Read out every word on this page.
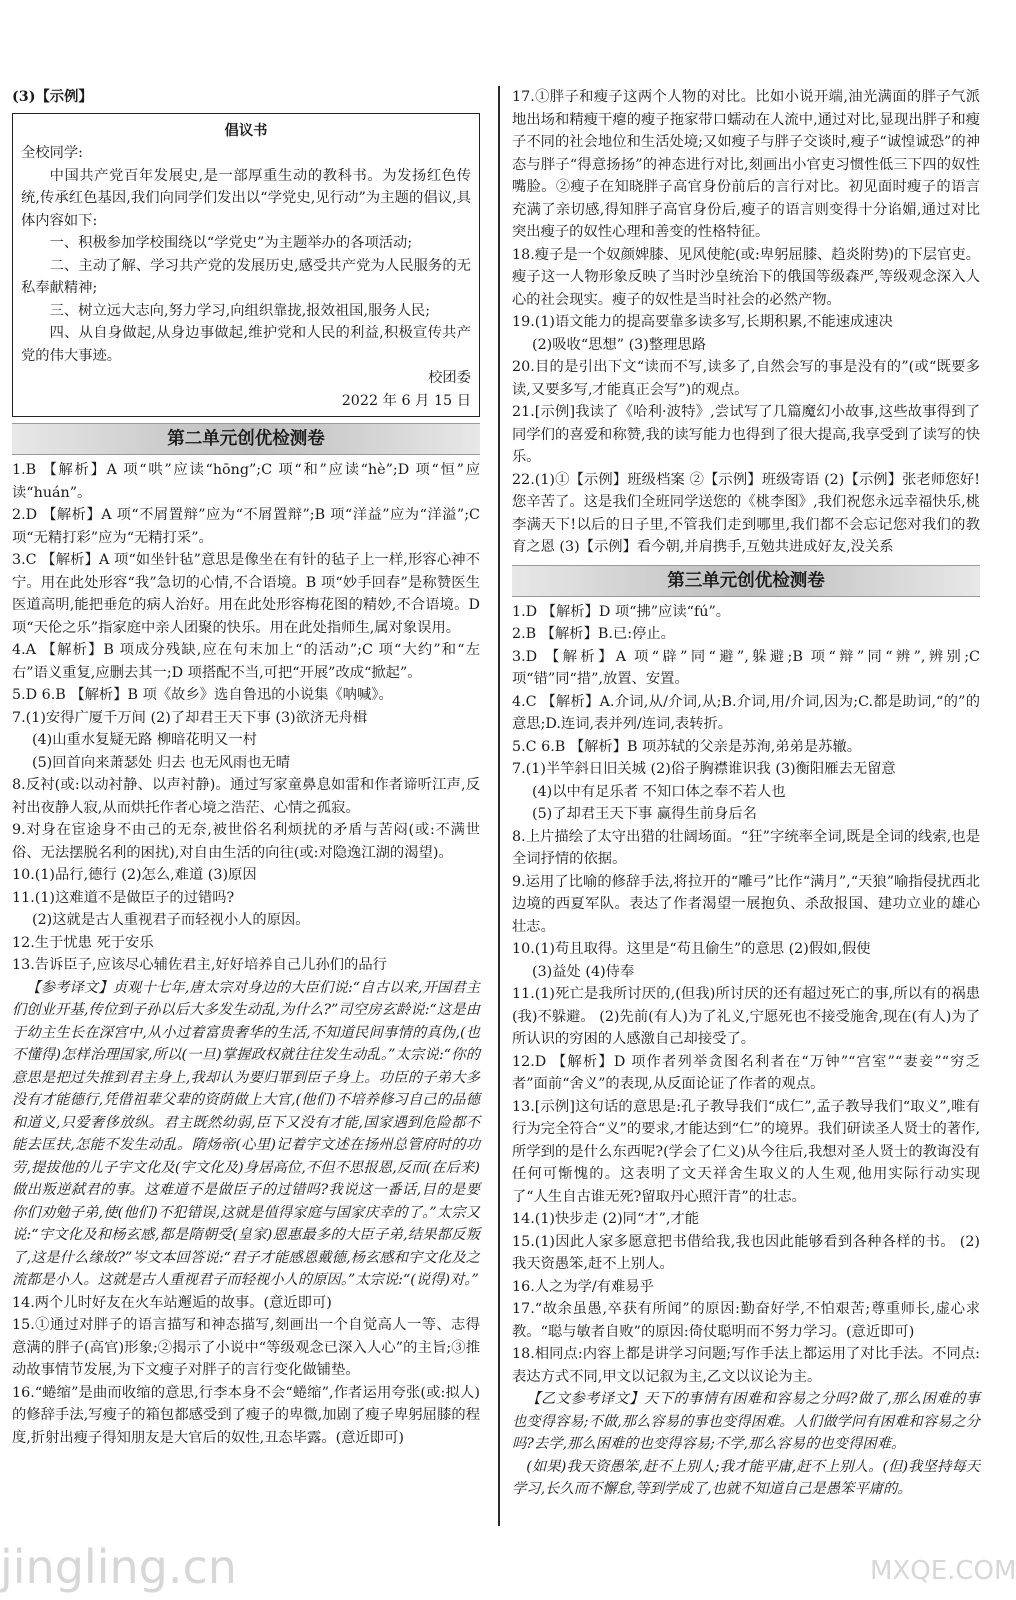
(3)【示例】

倡议书

全校同学:

中国共产党百年发展史,是一部厚重生动的教科书。为发扬红色传统,传承红色基因,我们向同学们发出以“学党史,见行动”为主题的倡议,具体内容如下:

一、积极参加学校围绕以“学党史”为主题举办的各项活动;

二、主动了解、学习共产党的发展历史,感受共产党为人民服务的无私奉献精神;

三、树立远大志向,努力学习,向组织靠拢,报效祖国,服务人民;

四、从自身做起,从身边事做起,维护党和人民的利益,积极宣传共产党的伟大事迹。

校团委

2022 年 6 月 15 日

第二单元创优检测卷

1.B 【解析】A 项“哄”应读“hōng”;C 项“和”应读“hè”;D 项“恒”应读“huán”。

2.D 【解析】A 项“不屑置辩”应为“不屑置辩”;B 项“洋益”应为“洋溢”;C 项“无精打彩”应为“无精打采”。

3.C 【解析】A 项“如坐针毡”意思是像坐在有针的毡子上一样,形容心神不宁。用在此处形容“我”急切的心情,不合语境。B 项“妙手回春”是称赞医生医道高明,能把垂危的病人治好。用在此处形容梅花图的精妙,不合语境。D 项“天伦之乐”指家庭中亲人团聚的快乐。用在此处指师生,属对象误用。

4.A 【解析】B 项成分残缺,应在句末加上“的活动”;C 项“大约”和“左右”语义重复,应删去其一;D 项搭配不当,可把“开展”改成“掀起”。

5.D 6.B 【解析】B 项《故乡》选自鲁迅的小说集《呐喊》。

7.(1)安得广厦千万间 (2)了却君王天下事 (3)欲济无舟楫

(4)山重水复疑无路 柳暗花明又一村

(5)回首向来萧瑟处 归去 也无风雨也无晴

8.反衬(或:以动衬静、以声衬静)。通过写家童鼻息如雷和作者谛听江声,反衬出夜静人寂,从而烘托作者心境之浩茫、心情之孤寂。

9.对身在宦途身不由己的无奈,被世俗名利烦扰的矛盾与苦闷(或:不满世俗、无法摆脱名利的困扰),对自由生活的向往(或:对隐逸江湖的渴望)。

10.(1)品行,德行 (2)怎么,难道 (3)原因

11.(1)这难道不是做臣子的过错吗?

(2)这就是古人重视君子而轻视小人的原因。

12.生于忧患 死于安乐

13.告诉臣子,应该尽心辅佐君主,好好培养自己儿孙们的品行

【参考译文】贞观十七年,唐太宗对身边的大臣们说:“自古以来,开国君主们创业开基,传位到子孙以后大多发生动乱,为什么?”司空房玄龄说:“这是由于幼主生长在深宫中,从小过着富贵奢华的生活,不知道民间事情的真伪,(也不懂得)怎样治理国家,所以(一旦)掌握政权就往往发生动乱。”太宗说:“你的意思是把过失推到君主身上,我却认为要归罪到臣子身上。功臣的子弟大多没有才能德行,凭借祖辈父辈的资荫做上大官,(他们)不培养修习自己的品德和道义,只爱奢侈放纵。君主既然幼弱,臣下又没有才能,国家遇到危险都不能去匡扶,怎能不发生动乱。隋炀帝(心里)记着宇文述在扬州总管府时的功劳,提拔他的儿子宇文化及(宇文化及)身居高位,不但不思报恩,反而(在后来)做出叛逆弑君的事。这难道不是做臣子的过错吗?我说这一番话,目的是要你们劝勉子弟,使(他们)不犯错误,这就是值得家庭与国家庆幸的了。”太宗又说:“宇文化及和杨玄感,都是隋朝受(皇家)恩惠最多的大臣子弟,结果都反叛了,这是什么缘故?”岑文本回答说:“君子才能感恩戴德,杨玄感和宇文化及之流都是小人。这就是古人重视君子而轻视小人的原因。”太宗说:“(说得)对。”

14.两个儿时好友在火车站邂逅的故事。(意近即可)

15.①通过对胖子的语言描写和神态描写,刻画出一个自觉高人一等、志得意满的胖子(高官)形象;②揭示了小说中“等级观念已深入人心”的主旨;③推动故事情节发展,为下文瘦子对胖子的言行变化做铺垫。

16.“蜷缩”是曲而收缩的意思,行李本身不会“蜷缩”,作者运用夸张(或:拟人)的修辞手法,写瘦子的箱包都感受到了瘦子的卑微,加剧了瘦子卑躬屈膝的程度,折射出瘦子得知朋友是大官后的奴性,丑态毕露。(意近即可)

17.①胖子和瘦子这两个人物的对比。比如小说开端,油光满面的胖子气派地出场和精瘦干瘪的瘦子拖家带口蠕动在人流中,通过对比,显现出胖子和瘦子不同的社会地位和生活处境;又如瘦子与胖子交谈时,瘦子“诚惶诚恐”的神态与胖子“得意扬扬”的神态进行对比,刻画出小官吏习惯性低三下四的奴性嘴脸。②瘦子在知晓胖子高官身份前后的言行对比。初见面时瘦子的语言充满了亲切感,得知胖子高官身份后,瘦子的语言则变得十分谄媚,通过对比突出瘦子的奴性心理和善变的性格特征。

18.瘦子是一个奴颜婢膝、见风使舵(或:卑躬屈膝、趋炎附势)的下层官吏。瘦子这一人物形象反映了当时沙皇统治下的俄国等级森严,等级观念深入人心的社会现实。瘦子的奴性是当时社会的必然产物。

19.(1)语文能力的提高要靠多读多写,长期积累,不能速成速决

(2)吸收“思想” (3)整理思路

20.目的是引出下文“读而不写,读多了,自然会写的事是没有的”(或“既要多读,又要多写,才能真正会写”)的观点。

21.[示例]我读了《哈利·波特》,尝试写了几篇魔幻小故事,这些故事得到了同学们的喜爱和称赞,我的读写能力也得到了很大提高,我享受到了读写的快乐。

22.(1)①【示例】班级档案 ②【示例】班级寄语 (2)【示例】张老师您好!您辛苦了。这是我们全班同学送您的《桃李图》,我们祝您永远幸福快乐,桃李满天下!以后的日子里,不管我们走到哪里,我们都不会忘记您对我们的教育之恩 (3)【示例】看今朝,并肩携手,互勉共进成好友,没关系

第三单元创优检测卷

1.D 【解析】D 项“拂”应读“fú”。

2.B 【解析】B.已:停止。

3.D 【解析】A 项“辟”同“避”,躲避;B 项“辩”同“辨”,辨别;C 项“错”同“措”,放置、安置。

4.C 【解析】A.介词,从/介词,从;B.介词,用/介词,因为;C.都是助词,“的”的意思;D.连词,表并列/连词,表转折。

5.C 6.B 【解析】B 项苏轼的父亲是苏洵,弟弟是苏辙。

7.(1)半竿斜日旧关城 (2)俗子胸襟谁识我 (3)衡阳雁去无留意

(4)以中有足乐者 不知口体之奉不若人也

(5)了却君王天下事 赢得生前身后名

8.上片描绘了太守出猎的壮阔场面。“狂”字统率全词,既是全词的线索,也是全词抒情的依据。

9.运用了比喻的修辞手法,将拉开的“雕弓”比作“满月”,“天狼”喻指侵扰西北边境的西夏军队。表达了作者渴望一展抱负、杀敌报国、建功立业的雄心壮志。

10.(1)苟且取得。这里是“苟且偷生”的意思 (2)假如,假使

(3)益处 (4)侍奉

11.(1)死亡是我所讨厌的,(但我)所讨厌的还有超过死亡的事,所以有的祸患(我)不躲避。 (2)先前(有人)为了礼义,宁愿死也不接受施舍,现在(有人)为了所认识的穷困的人感激自己却接受了。

12.D 【解析】D 项作者列举贪图名利者在“万钟”“宫室”“妻妾”“穷乏者”面前“舍义”的表现,从反面论证了作者的观点。

13.[示例]这句话的意思是:孔子教导我们“成仁”,孟子教导我们“取义”,唯有行为完全符合“义”的要求,才能达到“仁”的境界。我们研读圣人贤士的著作,所学到的是什么东西呢?(学会了仁义)从今往后,我想对圣人贤士的教诲没有任何可惭愧的。这表明了文天祥舍生取义的人生观,他用实际行动实现了“人生自古谁无死?留取丹心照汗青”的壮志。

14.(1)快步走 (2)同“才”,才能

15.(1)因此人家多愿意把书借给我,我也因此能够看到各种各样的书。 (2)我天资愚笨,赶不上别人。

16.人之为学/有难易乎

17.“故余虽愚,卒获有所闻”的原因:勤奋好学,不怕艰苦;尊重师长,虚心求教。“聪与敏者自败”的原因:倚仗聪明而不努力学习。(意近即可)

18.相同点:内容上都是讲学习问题;写作手法上都运用了对比手法。不同点:表达方式不同,甲文以记叙为主,乙文以议论为主。

【乙文参考译文】天下的事情有困难和容易之分吗?做了,那么困难的事也变得容易;不做,那么容易的事也变得困难。人们做学问有困难和容易之分吗?去学,那么困难的也变得容易;不学,那么容易的也变得困难。

(如果)我天资愚笨,赶不上别人;我才能平庸,赶不上别人。(但)我坚持每天学习,长久而不懈怠,等到学成了,也就不知道自己是愚笨平庸的。

jingling.cn	MXQE.COM
